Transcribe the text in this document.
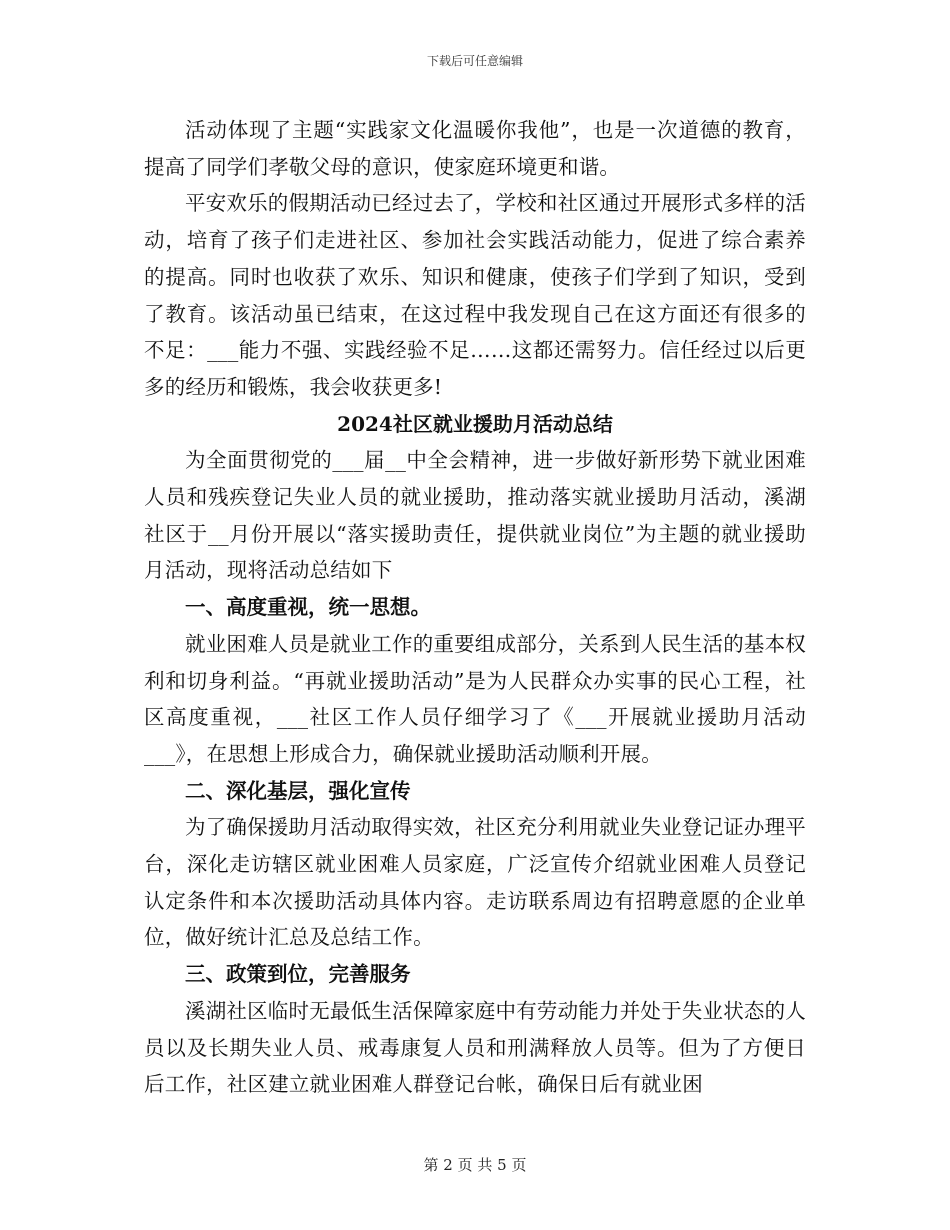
下载后可任意编辑

活动体现了主题“实践家文化温暖你我他”，也是一次道德的教育，提高了同学们孝敬父母的意识，使家庭环境更和谐。

平安欢乐的假期活动已经过去了，学校和社区通过开展形式多样的活动，培育了孩子们走进社区、参加社会实践活动能力，促进了综合素养的提高。同时也收获了欢乐、知识和健康，使孩子们学到了知识，受到了教育。该活动虽已结束，在这过程中我发现自己在这方面还有很多的不足：___能力不强、实践经验不足……这都还需努力。信任经过以后更多的经历和锻炼，我会收获更多!

2024社区就业援助月活动总结

为全面贯彻党的___届__中全会精神，进一步做好新形势下就业困难人员和残疾登记失业人员的就业援助，推动落实就业援助月活动，溪湖社区于__月份开展以“落实援助责任，提供就业岗位”为主题的就业援助月活动，现将活动总结如下

一、高度重视，统一思想。

就业困难人员是就业工作的重要组成部分，关系到人民生活的基本权利和切身利益。“再就业援助活动”是为人民群众办实事的民心工程，社区高度重视，___社区工作人员仔细学习了《___开展就业援助月活动___》，在思想上形成合力，确保就业援助活动顺利开展。

二、深化基层，强化宣传

为了确保援助月活动取得实效，社区充分利用就业失业登记证办理平台，深化走访辖区就业困难人员家庭，广泛宣传介绍就业困难人员登记认定条件和本次援助活动具体内容。走访联系周边有招聘意愿的企业单位，做好统计汇总及总结工作。

三、政策到位，完善服务

溪湖社区临时无最低生活保障家庭中有劳动能力并处于失业状态的人员以及长期失业人员、戒毒康复人员和刑满释放人员等。但为了方便日后工作，社区建立就业困难人群登记台帐，确保日后有就业困

第 2 页 共 5 页
